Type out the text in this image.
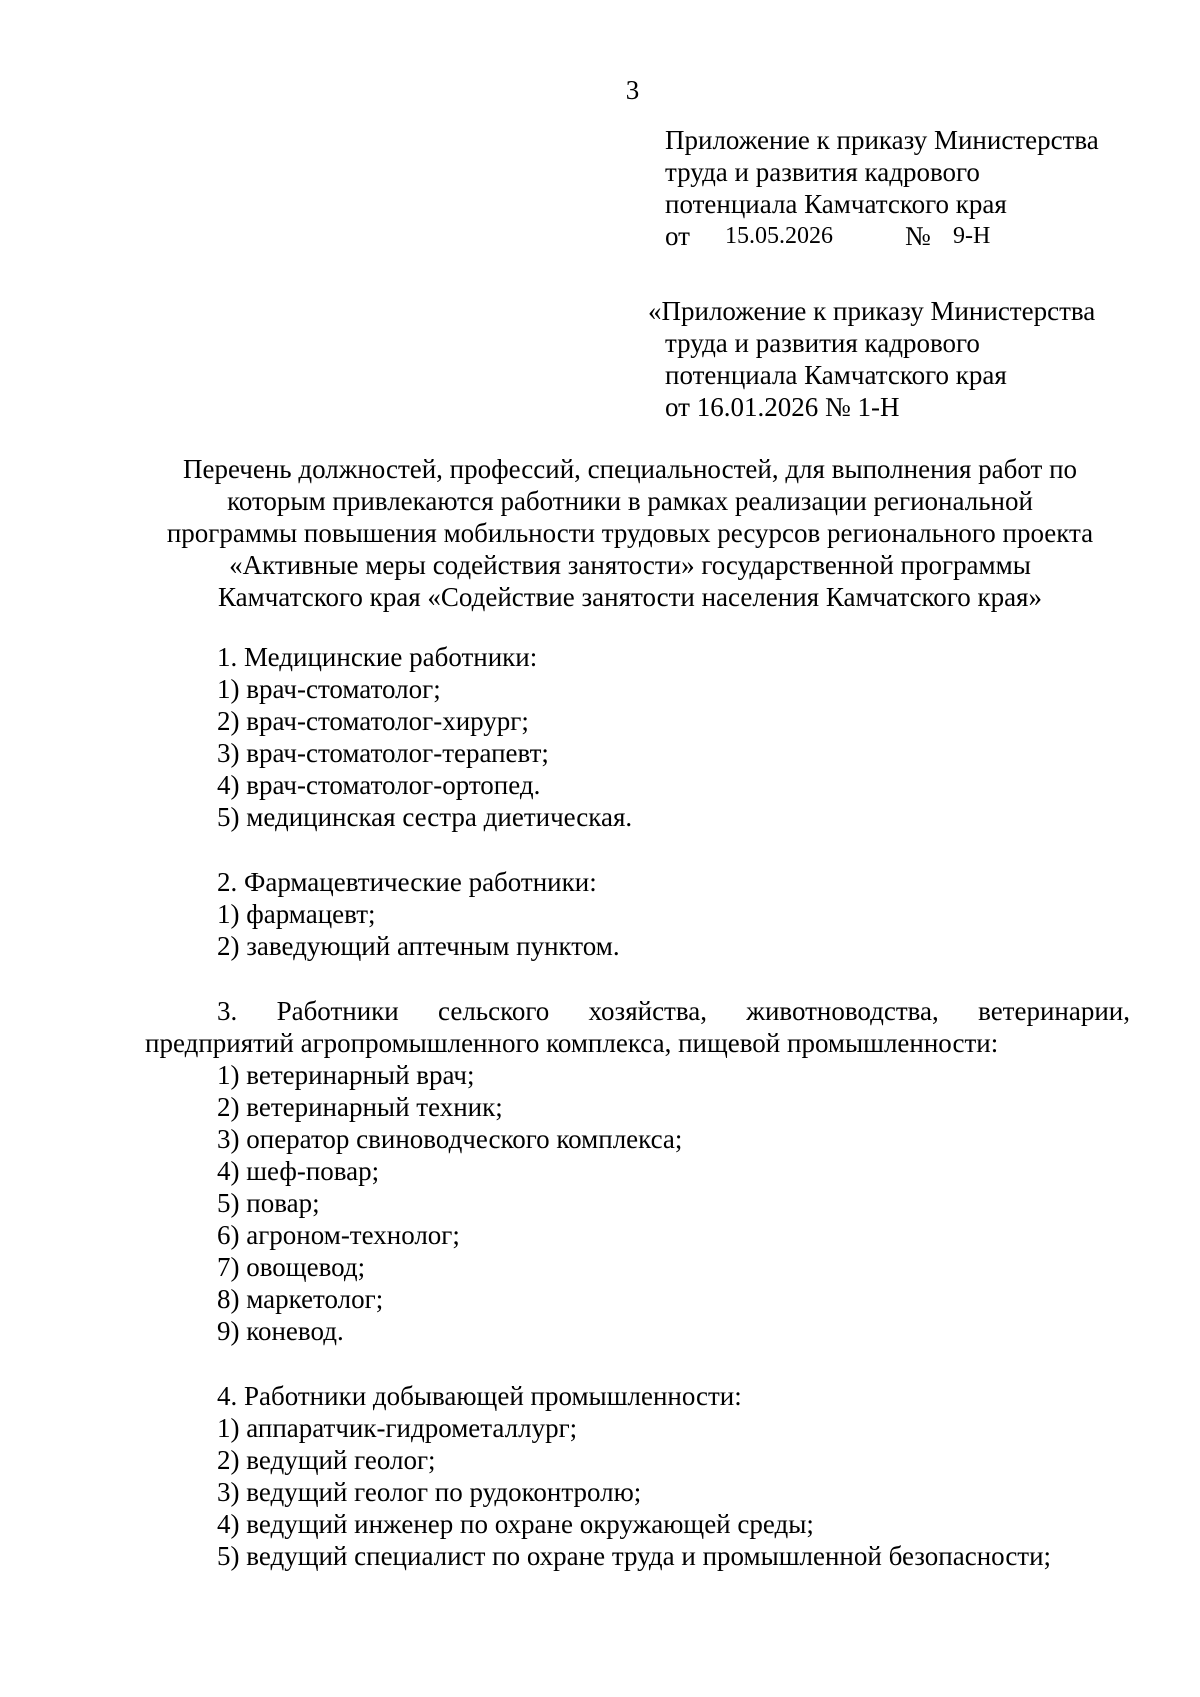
3
Приложение к приказу Министерства
труда и развития кадрового
потенциала Камчатского края
от 15.05.2026	№ 9-Н
«Приложение к приказу Министерства
труда и развития кадрового
потенциала Камчатского края
от 16.01.2026 № 1-Н
Перечень должностей, профессий, специальностей, для выполнения работ по
которым привлекаются работники в рамках реализации региональной
программы повышения мобильности трудовых ресурсов регионального проекта
«Активные меры содействия занятости» государственной программы
Камчатского края «Содействие занятости населения Камчатского края»
1. Медицинские работники:
1) врач-стоматолог;
2) врач-стоматолог-хирург;
3) врач-стоматолог-терапевт;
4) врач-стоматолог-ортопед.
5) медицинская сестра диетическая.
2. Фармацевтические работники:
1) фармацевт;
2) заведующий аптечным пунктом.
3. Работники сельского хозяйства, животноводства, ветеринарии,
предприятий агропромышленного комплекса, пищевой промышленности:
1) ветеринарный врач;
2) ветеринарный техник;
3) оператор свиноводческого комплекса;
4) шеф-повар;
5) повар;
6) агроном-технолог;
7) овощевод;
8) маркетолог;
9) коневод.
4. Работники добывающей промышленности:
1) аппаратчик-гидрометаллург;
2) ведущий геолог;
3) ведущий геолог по рудоконтролю;
4) ведущий инженер по охране окружающей среды;
5) ведущий специалист по охране труда и промышленной безопасности;
